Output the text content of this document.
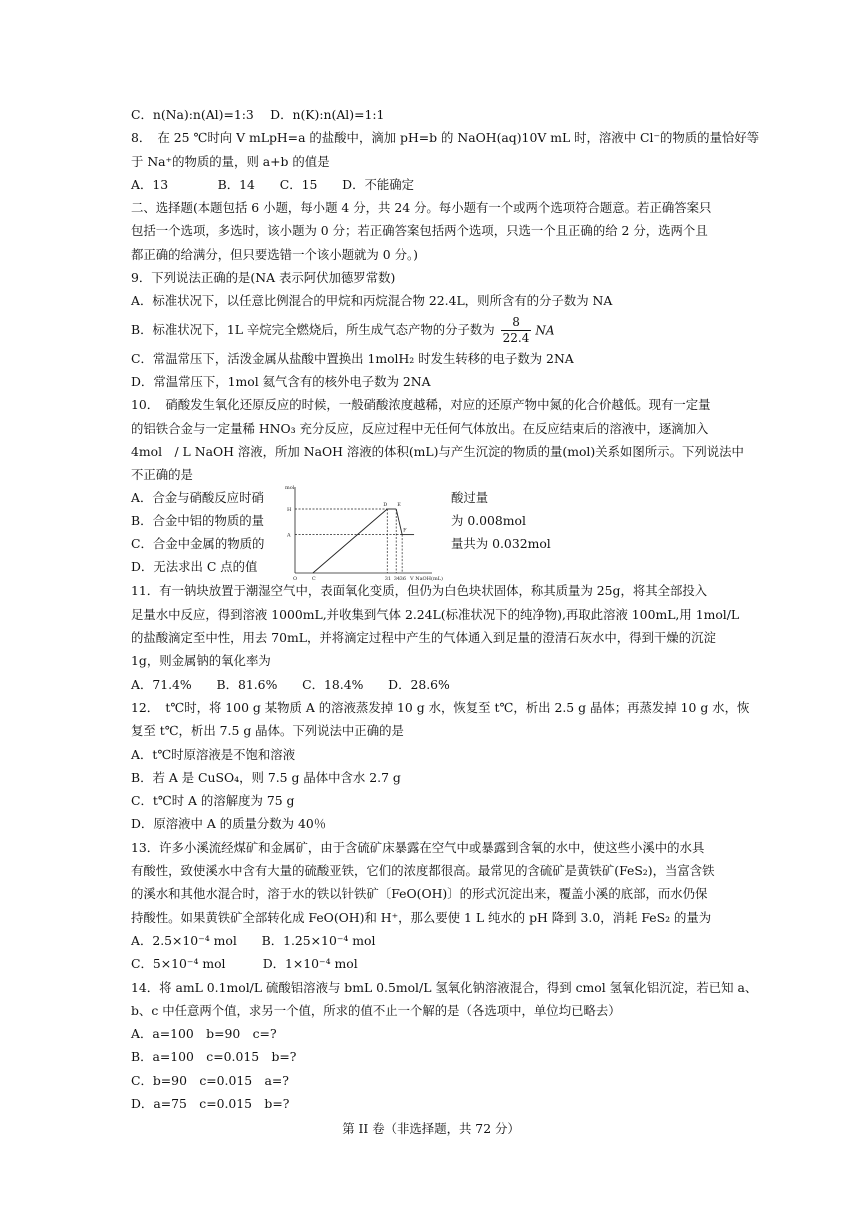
C．n(Na):n(Al)=1:3　 D．n(K):n(Al)=1:1
8．　在 25 ℃时向 V mLpH=a 的盐酸中，滴加 pH=b 的 NaOH(aq)10V mL 时，溶液中 Cl⁻的物质的量恰好等
于 Na⁺的物质的量，则 a+b 的值是
A．13　　　　B．14　　C．15　　D．不能确定
二、选择题(本题包括 6 小题，每小题 4 分，共 24 分。每小题有一个或两个选项符合题意。若正确答案只
包括一个选项，多选时，该小题为 0 分；若正确答案包括两个选项，只选一个且正确的给 2 分，选两个且
都正确的给满分，但只要选错一个该小题就为 0 分。)
9．下列说法正确的是(NA 表示阿伏加德罗常数)
A．标准状况下，以任意比例混合的甲烷和丙烷混合物 22.4L，则所含有的分子数为 NA
B．标准状况下，1L 辛烷完全燃烧后，所生成气态产物的分子数为 $\frac{8}{22.4}$ NA
C．常温常压下，活泼金属从盐酸中置换出 1molH₂ 时发生转移的电子数为 2NA
D．常温常压下，1mol 氦气含有的核外电子数为 2NA
10．　硝酸发生氧化还原反应的时候，一般硝酸浓度越稀，对应的还原产物中氮的化合价越低。现有一定量
的铝铁合金与一定量稀 HNO₃ 充分反应，反应过程中无任何气体放出。在反应结束后的溶液中，逐滴加入
4mol　/ L NaOH 溶液，所加 NaOH 溶液的体积(mL)与产生沉淀的物质的量(mol)关系如图所示。下列说法中
不正确的是
A．合金与硝酸反应时硝	酸过量
B．合金中铝的物质的量	为 0.008mol
C．合金中金属的物质的	量共为 0.032mol
D．无法求出 C 点的值
mol
V NaOH(mL)
31 34 36
O	C
D E
F
H
A
11．有一钠块放置于潮湿空气中，表面氧化变质，但仍为白色块状固体，称其质量为 25g，将其全部投入
足量水中反应，得到溶液 1000mL,并收集到气体 2.24L(标准状况下的纯净物),再取此溶液 100mL,用 1mol/L
的盐酸滴定至中性，用去 70mL，并将滴定过程中产生的气体通入到足量的澄清石灰水中，得到干燥的沉淀
1g，则金属钠的氧化率为
A．71.4%　　B．81.6%　　C．18.4%　　D．28.6%
12．　t℃时，将 100 g 某物质 A 的溶液蒸发掉 10 g 水，恢复至 t℃，析出 2.5 g 晶体；再蒸发掉 10 g 水，恢
复至 t℃，析出 7.5 g 晶体。下列说法中正确的是
A．t℃时原溶液是不饱和溶液
B．若 A 是 CuSO₄，则 7.5 g 晶体中含水 2.7 g
C．t℃时 A 的溶解度为 75 g
D．原溶液中 A 的质量分数为 40％
13．许多小溪流经煤矿和金属矿，由于含硫矿床暴露在空气中或暴露到含氧的水中，使这些小溪中的水具
有酸性，致使溪水中含有大量的硫酸亚铁，它们的浓度都很高。最常见的含硫矿是黄铁矿(FeS₂)，当富含铁
的溪水和其他水混合时，溶于水的铁以针铁矿〔FeO(OH)〕的形式沉淀出来，覆盖小溪的底部，而水仍保
持酸性。如果黄铁矿全部转化成 FeO(OH)和 H⁺，那么要使 1 L 纯水的 pH 降到 3.0，消耗 FeS₂ 的量为
A．2.5×10⁻⁴ mol　　B．1.25×10⁻⁴ mol
C．5×10⁻⁴ mol　　　D．1×10⁻⁴ mol
14．将 amL 0.1mol/L 硫酸铝溶液与 bmL 0.5mol/L 氢氧化钠溶液混合，得到 cmol 氢氧化铝沉淀，若已知 a、
b、c 中任意两个值，求另一个值，所求的值不止一个解的是（各选项中，单位均已略去）
A．a=100　b=90　c=?
B．a=100　c=0.015　b=?
C．b=90　c=0.015　a=?
D．a=75　c=0.015　b=?
第 II 卷（非选择题，共 72 分）
